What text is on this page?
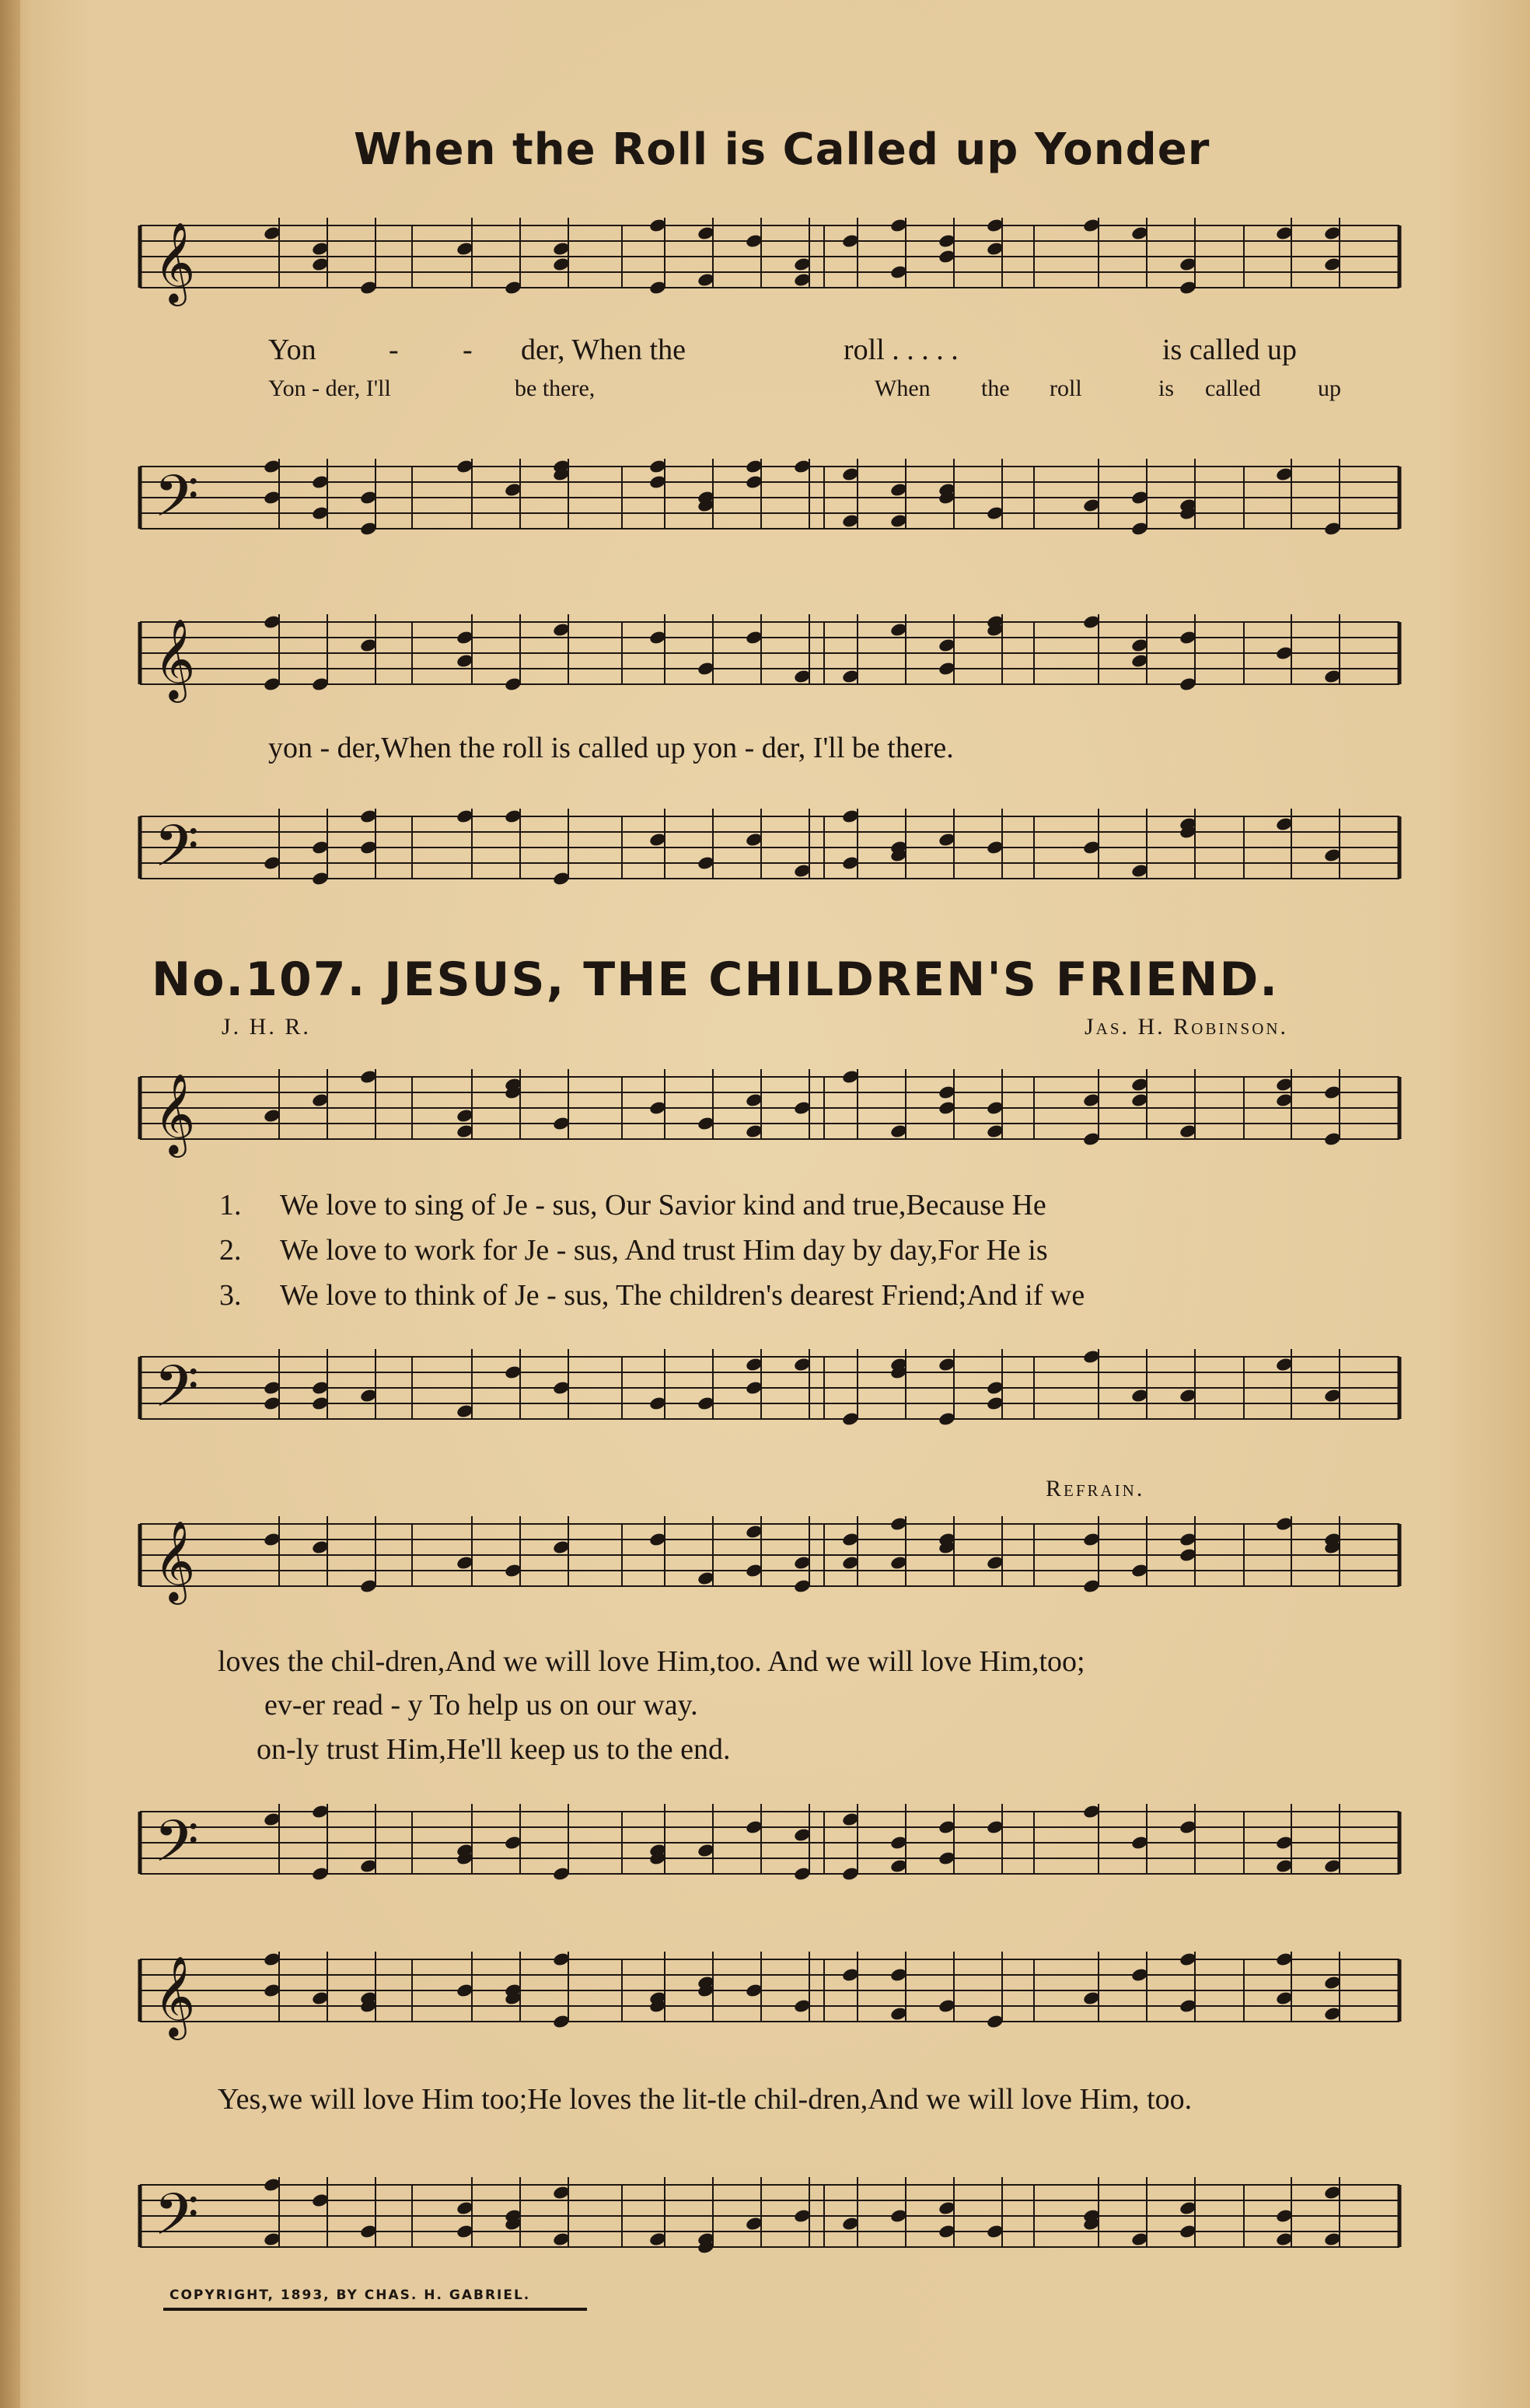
When the Roll is Called up Yonder
𝄞
Yon - - der, When the	roll . . . . .	is called up
Yon - der, I'll	be there,	When the roll	is called up
𝄢
𝄞
yon - der,When the roll is called up yon - der, I'll be there.
𝄢
No.107. JESUS, THE CHILDREN'S FRIEND.
J. H. R.	Jas. H. Robinson.
𝄞
1. We love to sing of Je - sus, Our Savior kind and true,Because He
2. We love to work for Je - sus, And trust Him day by day,For He is
3. We love to think of Je - sus, The children's dearest Friend;And if we
𝄢
Refrain.
𝄞
loves the chil-dren,And we will love Him,too. And we will love Him,too;
ev-er read - y To help us on our way.
on-ly trust Him,He'll keep us to the end.
𝄢
𝄞
Yes,we will love Him too;He loves the lit-tle chil-dren,And we will love Him, too.
𝄢
COPYRIGHT, 1893, BY CHAS. H. GABRIEL.
